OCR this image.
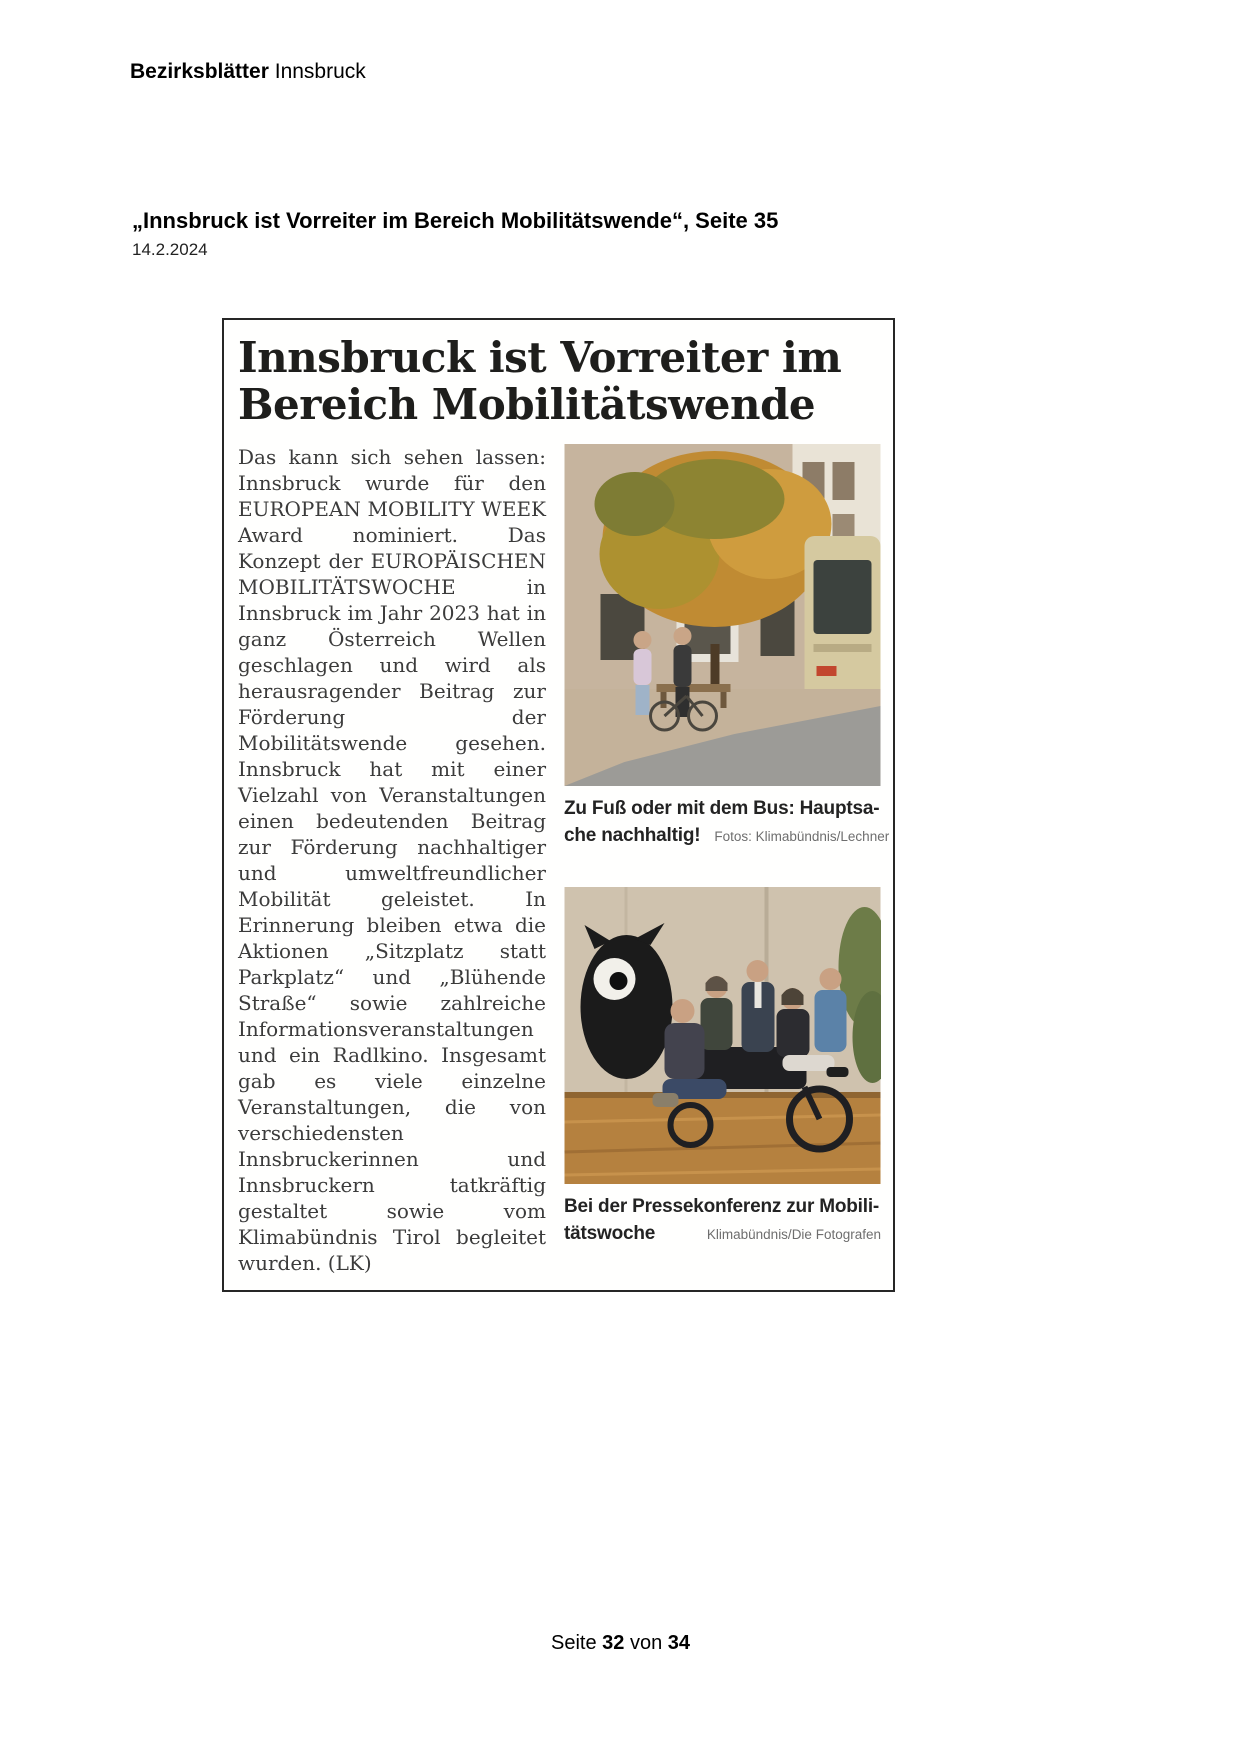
Bezirksblätter Innsbruck
„Innsbruck ist Vorreiter im Bereich Mobilitätswende“, Seite 35
14.2.2024
Innsbruck ist Vorreiter im
Bereich Mobilitätswende
Das kann sich sehen lassen: Innsbruck wurde für den EUROPEAN MOBILITY WEEK Award nominiert. Das Konzept der EUROPÄISCHEN MOBILITÄTSWOCHE in Innsbruck im Jahr 2023 hat in ganz Österreich Wellen geschlagen und wird als herausragender Beitrag zur Förderung der Mobilitätswende gesehen. Innsbruck hat mit einer Vielzahl von Veranstaltungen einen bedeutenden Beitrag zur Förderung nachhaltiger und umweltfreundlicher Mobilität geleistet. In Erinnerung bleiben etwa die Aktionen „Sitzplatz statt Parkplatz“ und „Blühende Straße“ sowie zahlreiche Informationsveranstaltungen und ein Radlkino. Insgesamt gab es viele einzelne Veranstaltungen, die von verschiedensten Innsbruckerinnen und Innsbruckern tatkräftig gestaltet sowie vom Klimabündnis Tirol begleitet wurden. (LK)
Zu Fuß oder mit dem Bus: Hauptsa-
che nachhaltig! Fotos: Klimabündnis/Lechner
Bei der Pressekonferenz zur Mobili-
tätswoche	Klimabündnis/Die Fotografen
Seite 32 von 34
